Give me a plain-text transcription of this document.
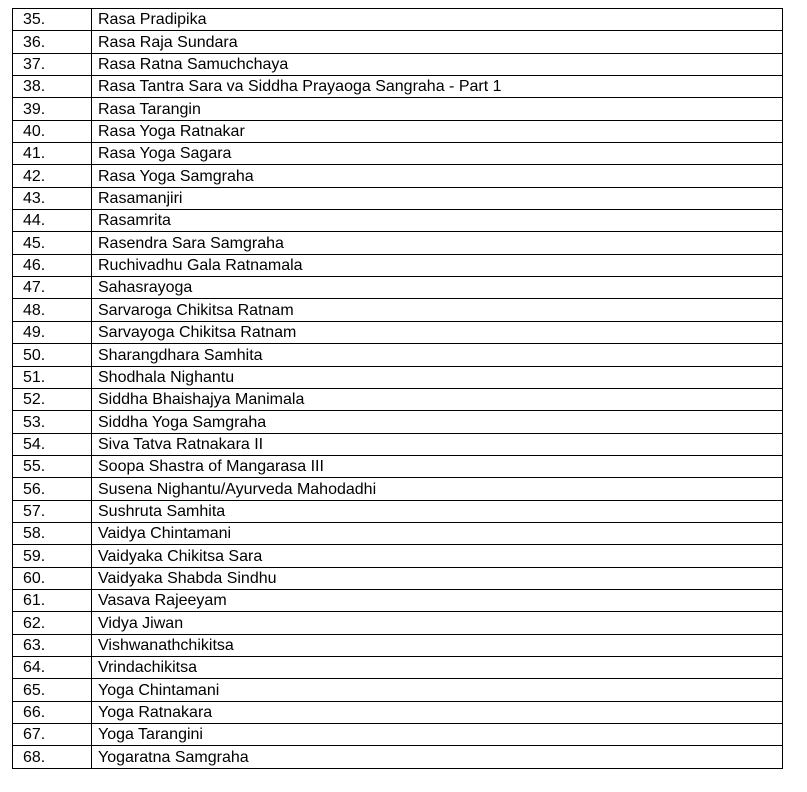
35.	Rasa Pradipika
36.	Rasa Raja Sundara
37.	Rasa Ratna Samuchchaya
38.	Rasa Tantra Sara va Siddha Prayaoga Sangraha - Part 1
39.	Rasa Tarangin
40.	Rasa Yoga Ratnakar
41.	Rasa Yoga Sagara
42.	Rasa Yoga Samgraha
43.	Rasamanjiri
44.	Rasamrita
45.	Rasendra Sara Samgraha
46.	Ruchivadhu Gala Ratnamala
47.	Sahasrayoga
48.	Sarvaroga Chikitsa Ratnam
49.	Sarvayoga Chikitsa Ratnam
50.	Sharangdhara Samhita
51.	Shodhala Nighantu
52.	Siddha Bhaishajya Manimala
53.	Siddha Yoga Samgraha
54.	Siva Tatva Ratnakara II
55.	Soopa Shastra of Mangarasa III
56.	Susena Nighantu/Ayurveda Mahodadhi
57.	Sushruta Samhita
58.	Vaidya Chintamani
59.	Vaidyaka Chikitsa Sara
60.	Vaidyaka Shabda Sindhu
61.	Vasava Rajeeyam
62.	Vidya Jiwan
63.	Vishwanathchikitsa
64.	Vrindachikitsa
65.	Yoga Chintamani
66.	Yoga Ratnakara
67.	Yoga Tarangini
68.	Yogaratna Samgraha
